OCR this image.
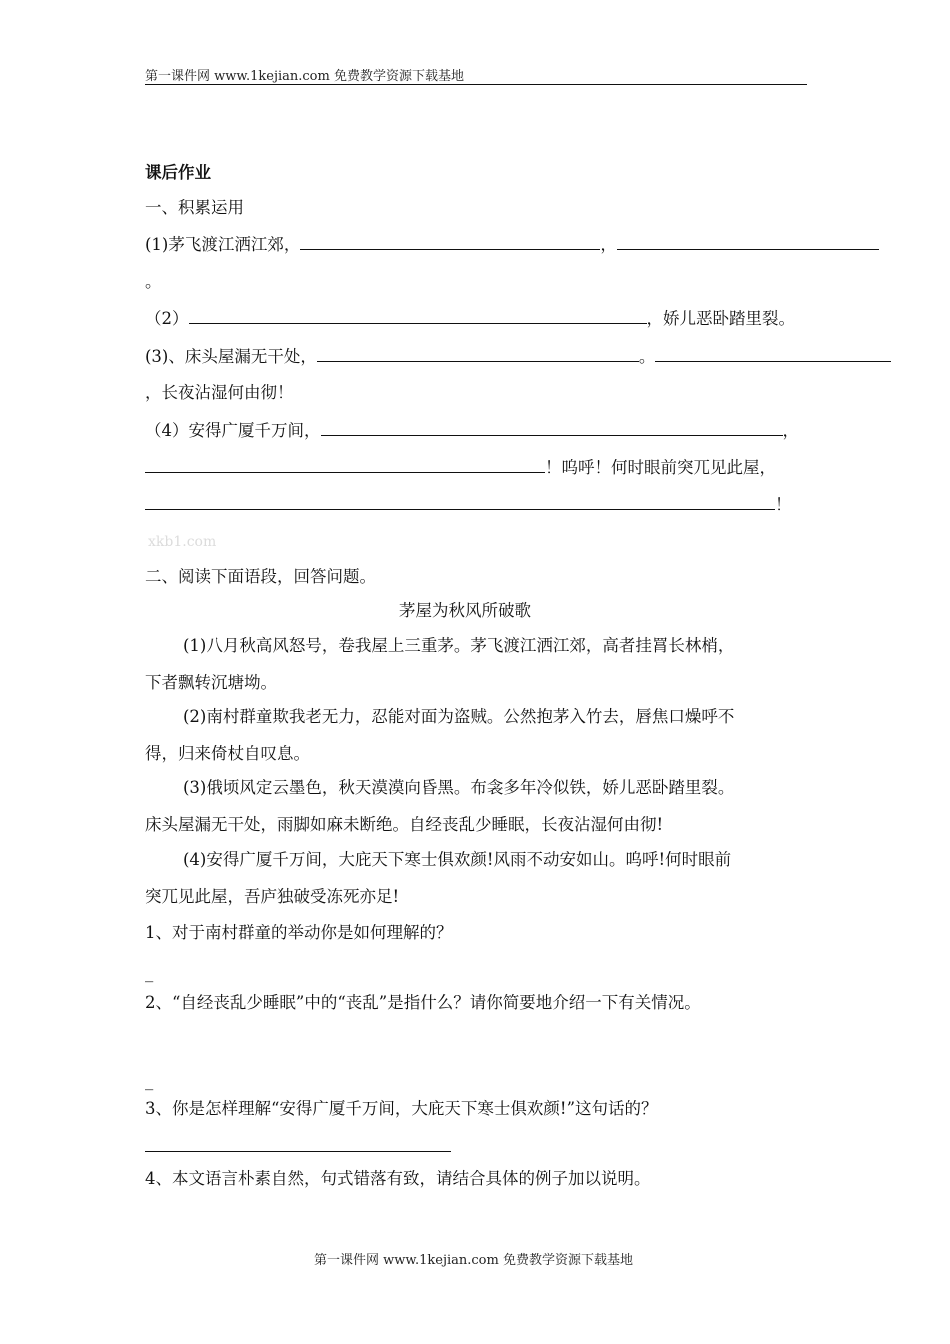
第一课件网 www.1kejian.com 免费教学资源下载基地
课后作业
一、积累运用
(1)茅飞渡江洒江郊，	，
。
（2）	，娇儿恶卧踏里裂。
(3)、床头屋漏无干处，	。
，长夜沾湿何由彻！
（4）安得广厦千万间，	，
！呜呼！何时眼前突兀见此屋，
！
xkb1.com
二、阅读下面语段，回答问题。
茅屋为秋风所破歌
(1)八月秋高风怒号，卷我屋上三重茅。茅飞渡江洒江郊，高者挂罥长林梢，
下者飘转沉塘坳。
(2)南村群童欺我老无力，忍能对面为盗贼。公然抱茅入竹去，唇焦口燥呼不
得，归来倚杖自叹息。
(3)俄顷风定云墨色，秋天漠漠向昏黑。布衾多年冷似铁，娇儿恶卧踏里裂。
床头屋漏无干处，雨脚如麻未断绝。自经丧乱少睡眠，长夜沾湿何由彻!
(4)安得广厦千万间，大庇天下寒士俱欢颜!风雨不动安如山。呜呼!何时眼前
突兀见此屋，吾庐独破受冻死亦足!
1、对于南村群童的举动你是如何理解的？
_
2、“自经丧乱少睡眠”中的“丧乱”是指什么？请你简要地介绍一下有关情况。
_
3、你是怎样理解“安得广厦千万间，大庇天下寒士俱欢颜!”这句话的？
4、本文语言朴素自然，句式错落有致，请结合具体的例子加以说明。
第一课件网 www.1kejian.com 免费教学资源下载基地
